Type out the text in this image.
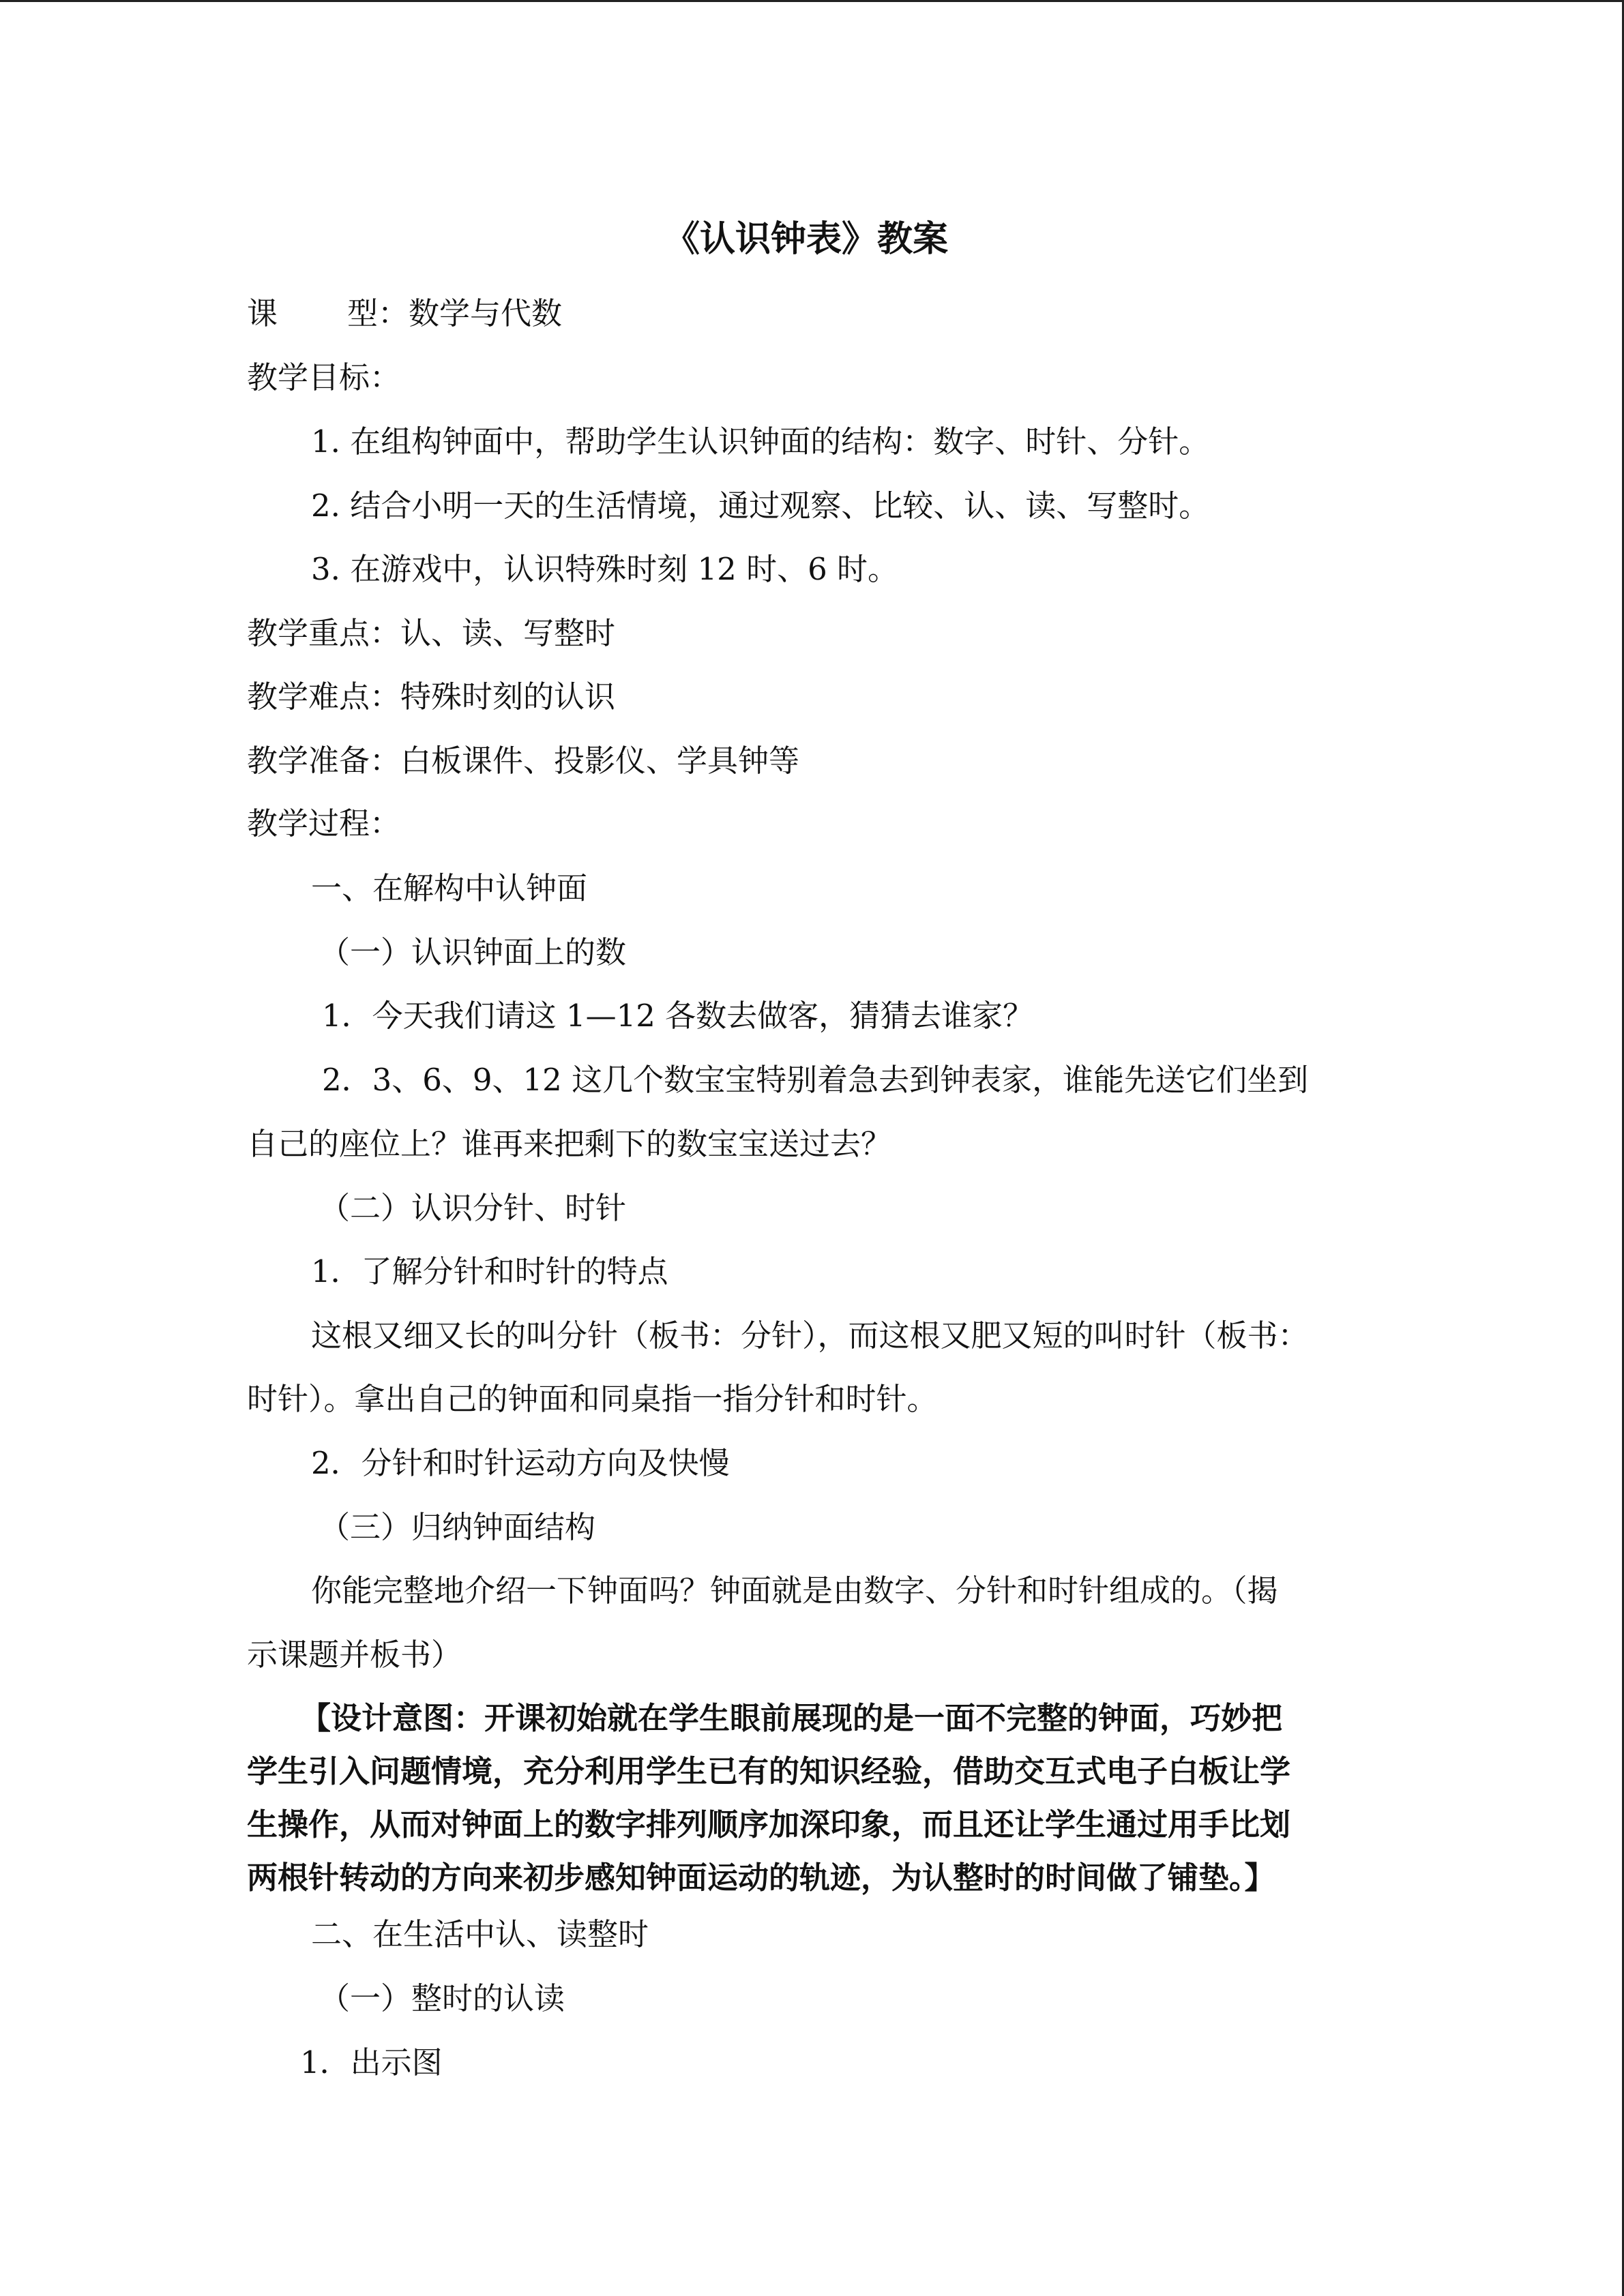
《认识钟表》教案
课 型：数学与代数
教学目标：
1. 在组构钟面中，帮助学生认识钟面的结构：数字、时针、分针。
2. 结合小明一天的生活情境，通过观察、比较、认、读、写整时。
3. 在游戏中，认识特殊时刻 12 时、6 时。
教学重点：认、读、写整时
教学难点：特殊时刻的认识
教学准备：白板课件、投影仪、学具钟等
教学过程：
一、在解构中认钟面
（一）认识钟面上的数
1．今天我们请这 1—12 各数去做客，猜猜去谁家？
2．3、6、9、12 这几个数宝宝特别着急去到钟表家，谁能先送它们坐到
自己的座位上？谁再来把剩下的数宝宝送过去？
（二）认识分针、时针
1．了解分针和时针的特点
这根又细又长的叫分针（板书：分针），而这根又肥又短的叫时针（板书：
时针）。拿出自己的钟面和同桌指一指分针和时针。
2．分针和时针运动方向及快慢
（三）归纳钟面结构
你能完整地介绍一下钟面吗？钟面就是由数字、分针和时针组成的。（揭
示课题并板书）
【设计意图：开课初始就在学生眼前展现的是一面不完整的钟面，巧妙把
学生引入问题情境，充分利用学生已有的知识经验，借助交互式电子白板让学
生操作，从而对钟面上的数字排列顺序加深印象，而且还让学生通过用手比划
两根针转动的方向来初步感知钟面运动的轨迹，为认整时的时间做了铺垫。】
二、在生活中认、读整时
（一）整时的认读
1．出示图
